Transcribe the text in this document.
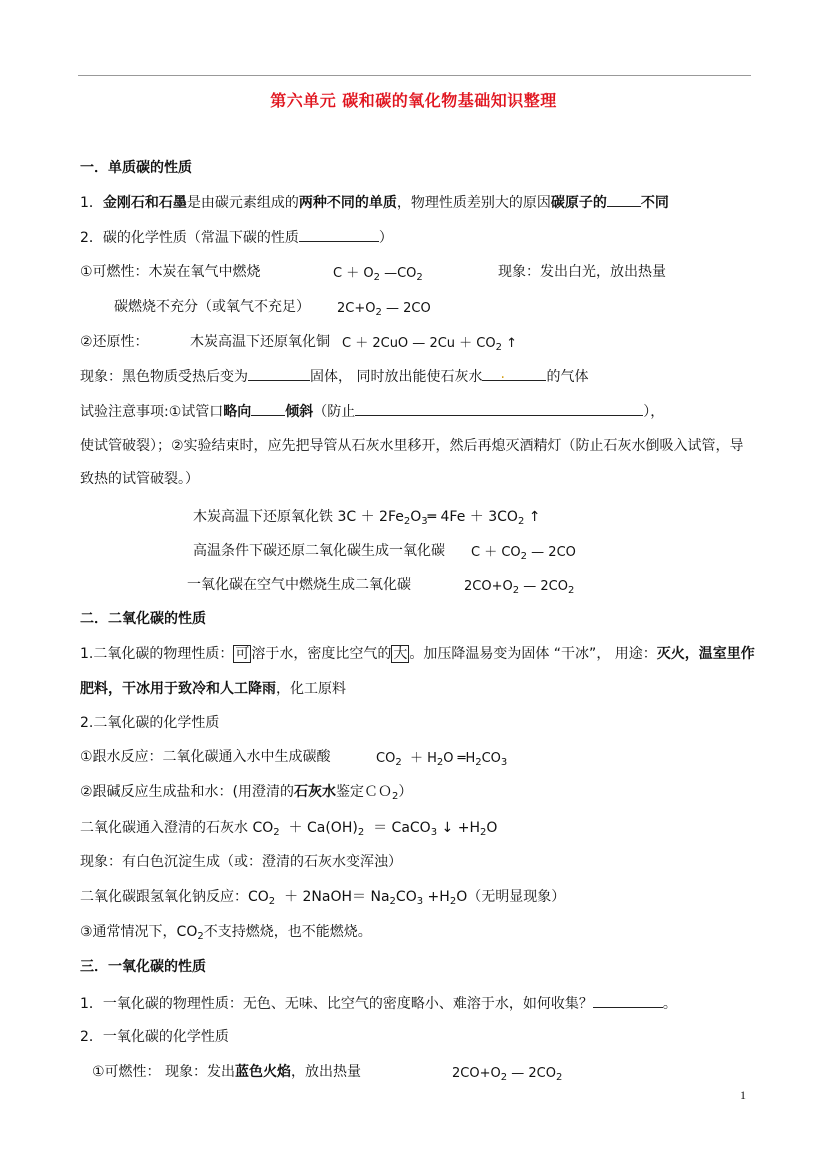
第六单元 碳和碳的氧化物基础知识整理
一．单质碳的性质
1．金刚石和石墨是由碳元素组成的两种不同的单质，物理性质差别大的原因碳原子的 不同
2．碳的化学性质（常温下碳的性质	）
①可燃性：木炭在氧气中燃烧	$C + O_2$ $—CO_2$	现象：发出白光，放出热量
碳燃烧不充分（或氧气不充足） $2C+O_2$ — 2CO
②还原性：	木炭高温下还原氧化铜 C ＋ 2CuO — $2Cu + CO_2$ ↑
现象：黑色物质受热后变为	固体， 同时放出能使石灰水 .	的气体
试验注意事项:①试管口略向 倾斜（防止	），
使试管破裂）；②实验结束时，应先把导管从石灰水里移开，然后再熄灭酒精灯（防止石灰水倒吸入试管，导
致热的试管破裂。）
木炭高温下还原氧化铁 $3C + 2Fe_2O_3═$ $4Fe + 3CO_2$ ↑
高温条件下碳还原二氧化碳生成一氧化碳 $C + CO_2$ — 2CO
一氧化碳在空气中燃烧生成二氧化碳	$2CO+O_2$ — $2CO_2$
二．二氧化碳的性质
1.二氧化碳的物理性质： 可 溶于水，密度比空气的 大 。加压降温易变为固体 “干冰”， 用途：灭火，温室里作
肥料，干冰用于致冷和人工降雨，化工原料
2.二氧化碳的化学性质
①跟水反应：二氧化碳通入水中生成碳酸	$CO_2 + H_2O$ $═H_2CO_3$
②跟碱反应生成盐和水：(用澄清的石灰水鉴定ＣＯ$_2$）
二氧化碳通入澄清的石灰水 $CO_2 + Ca(OH)_2$ ＝ CaCO$_3$ ↓ $+H_2O$
现象：有白色沉淀生成（或：澄清的石灰水变浑浊）
二氧化碳跟氢氧化钠反应：$CO_2$ ＋ 2NaOH＝ $Na_2CO_3 +H_2O$（无明显现象）
③通常情况下，$CO_2$不支持燃烧，也不能燃烧。
三．一氧化碳的性质
1．一氧化碳的物理性质：无色、无味、比空气的密度略小、难溶于水，如何收集？	。
2．一氧化碳的化学性质
①可燃性： 现象：发出蓝色火焰，放出热量	$2CO+O_2$ — $2CO_2$
1
